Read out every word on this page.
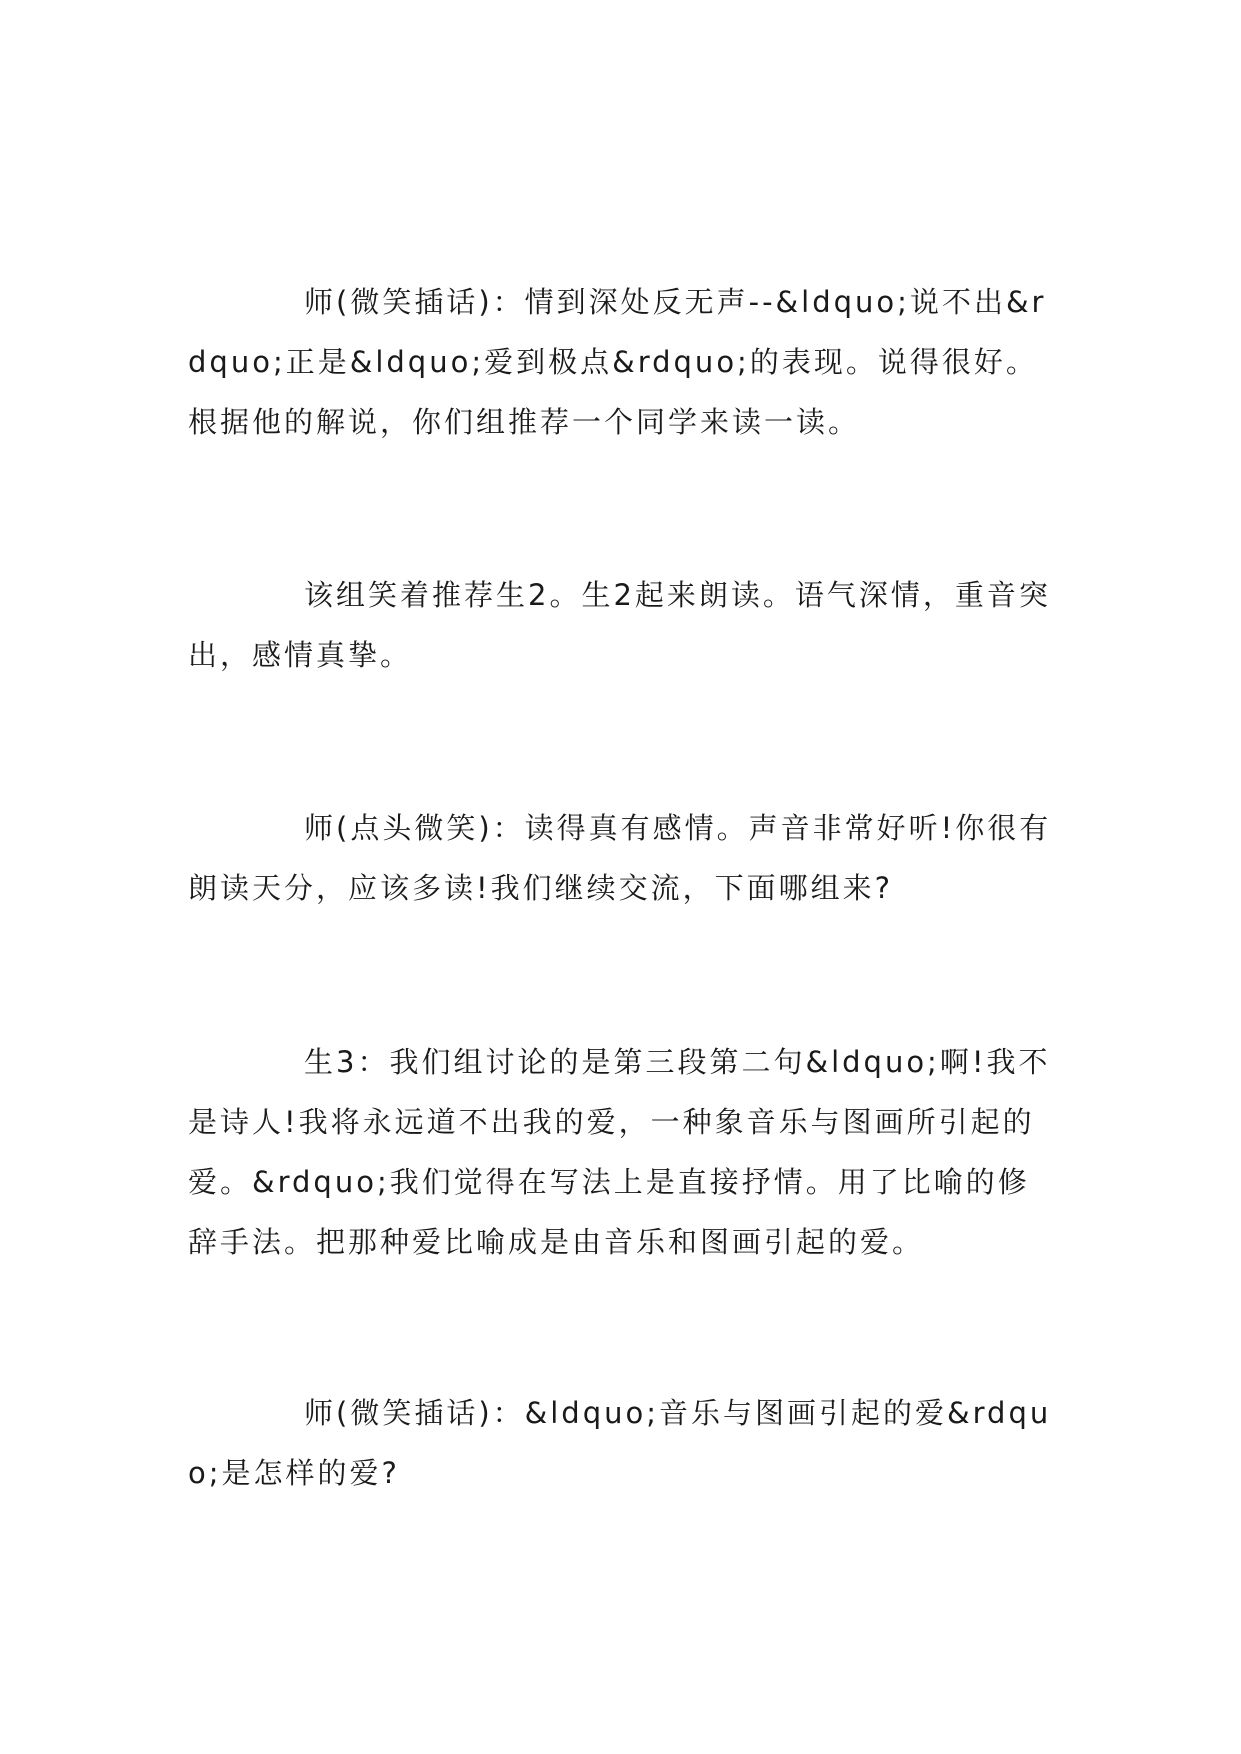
师(微笑插话)：情到深处反无声--&ldquo;说不出&rdquo;正是&ldquo;爱到极点&rdquo;的表现。说得很好。根据他的解说，你们组推荐一个同学来读一读。

该组笑着推荐生2。生2起来朗读。语气深情，重音突出，感情真挚。

师(点头微笑)：读得真有感情。声音非常好听!你很有朗读天分，应该多读!我们继续交流，下面哪组来?

生3：我们组讨论的是第三段第二句&ldquo;啊!我不是诗人!我将永远道不出我的爱，一种象音乐与图画所引起的爱。&rdquo;我们觉得在写法上是直接抒情。用了比喻的修辞手法。把那种爱比喻成是由音乐和图画引起的爱。

师(微笑插话)：&ldquo;音乐与图画引起的爱&rdquo;是怎样的爱?
